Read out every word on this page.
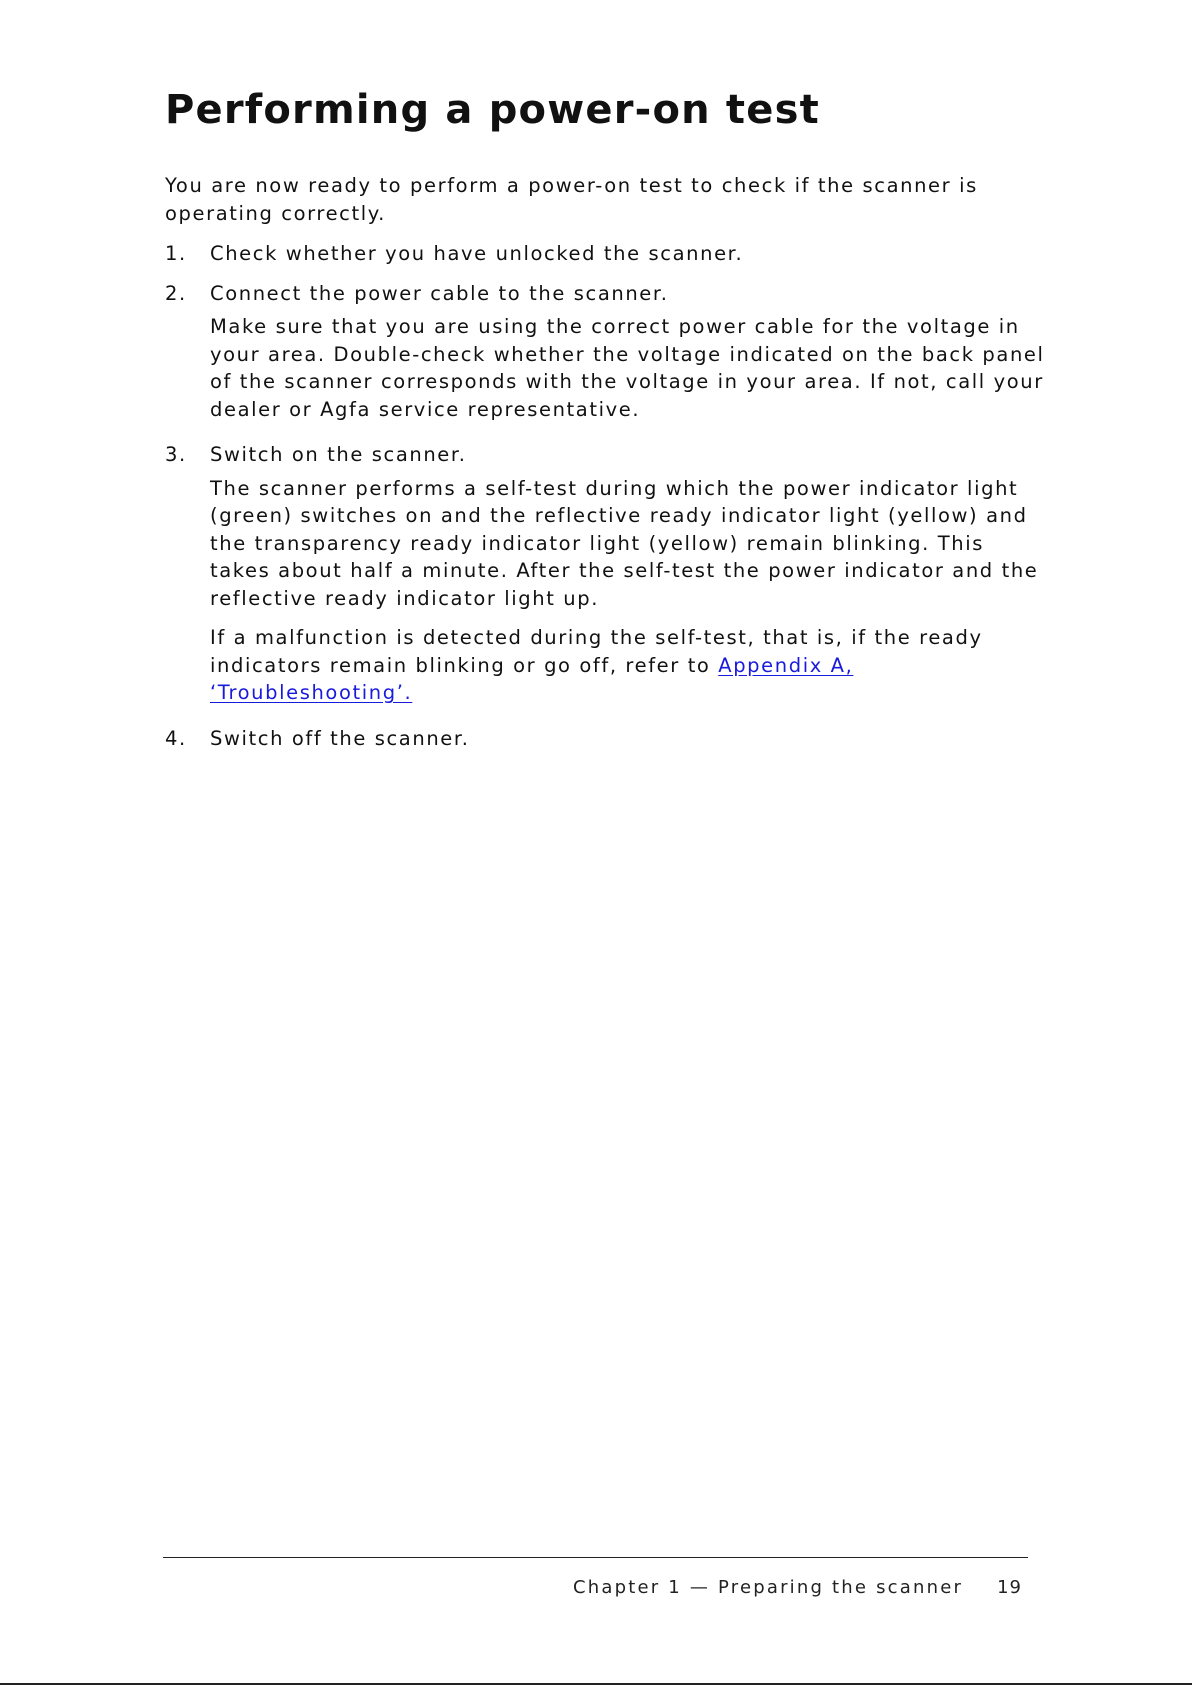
Performing a power-on test

You are now ready to perform a power-on test to check if the scanner is operating correctly.

1. Check whether you have unlocked the scanner.

2. Connect the power cable to the scanner.

Make sure that you are using the correct power cable for the voltage in your area. Double-check whether the voltage indicated on the back panel of the scanner corresponds with the voltage in your area. If not, call your dealer or Agfa service representative.

3. Switch on the scanner.

The scanner performs a self-test during which the power indicator light (green) switches on and the reflective ready indicator light (yellow) and the transparency ready indicator light (yellow) remain blinking. This takes about half a minute. After the self-test the power indicator and the reflective ready indicator light up.

If a malfunction is detected during the self-test, that is, if the ready indicators remain blinking or go off, refer to Appendix A, ‘Troubleshooting’.

4. Switch off the scanner.

Chapter 1 — Preparing the scanner 19
